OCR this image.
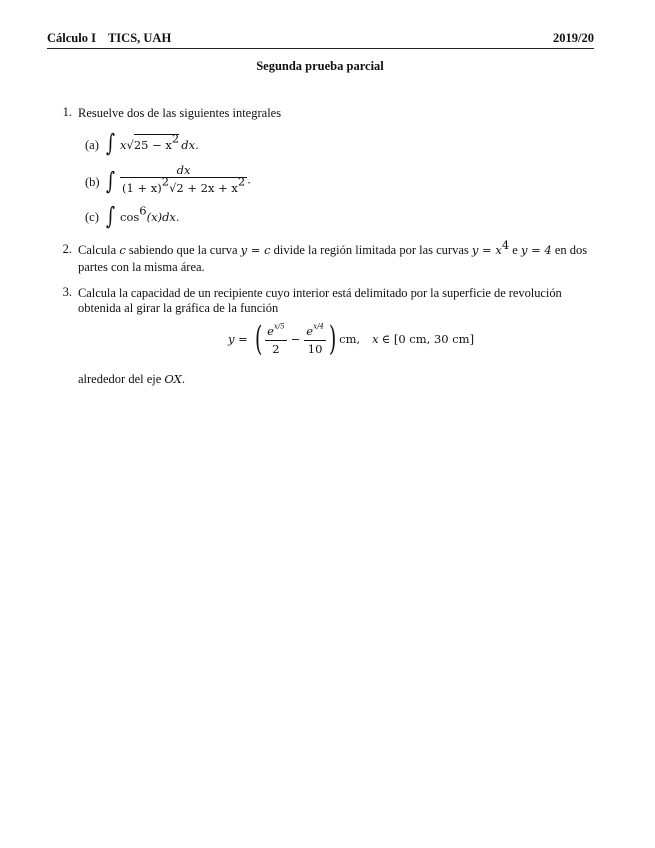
Cálculo I TICS, UAH	2019/20
Segunda prueba parcial
1. Resuelve dos de las siguientes integrales
(a) ∫ $x√25 - x^2$ dx.
(b) ∫ $\frac{dx}{(1 + x)^2√2 + 2x + x^2}$ .
(c) ∫ $\cos^6(x)dx$.
2. Calcula c sabiendo que la curva y = c divide la región limitada por las curvas $y = x^4$ e y = 4 en dos
partes con la misma área.
3. Calcula la capacidad de un recipiente cuyo interior está delimitado por la superficie de revolución
obtenida al girar la gráfica de la función
y = ( $\frac{e^{x/5}}{2} - \frac{e^{x/4}}{10}$ ) cm, x ∈ [0 cm, 30 cm]
alrededor del eje OX.
